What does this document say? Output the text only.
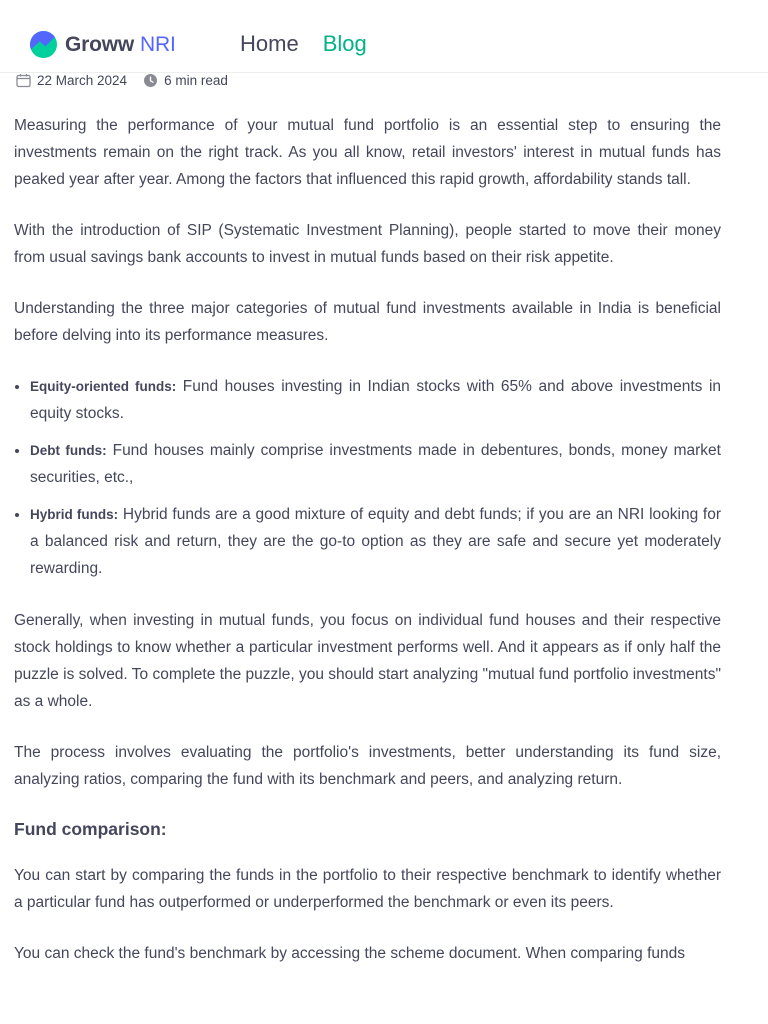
Groww NRI	Home Blog
22 March 2024	6 min read

Measuring the performance of your mutual fund portfolio is an essential step to ensuring the investments remain on the right track. As you all know, retail investors' interest in mutual funds has peaked year after year. Among the factors that influenced this rapid growth, affordability stands tall.

With the introduction of SIP (Systematic Investment Planning), people started to move their money from usual savings bank accounts to invest in mutual funds based on their risk appetite.

Understanding the three major categories of mutual fund investments available in India is beneficial before delving into its performance measures.

• Equity-oriented funds: Fund houses investing in Indian stocks with 65% and above investments in equity stocks.
• Debt funds: Fund houses mainly comprise investments made in debentures, bonds, money market securities, etc.,
• Hybrid funds: Hybrid funds are a good mixture of equity and debt funds; if you are an NRI looking for a balanced risk and return, they are the go-to option as they are safe and secure yet moderately rewarding.

Generally, when investing in mutual funds, you focus on individual fund houses and their respective stock holdings to know whether a particular investment performs well. And it appears as if only half the puzzle is solved. To complete the puzzle, you should start analyzing "mutual fund portfolio investments" as a whole.

The process involves evaluating the portfolio's investments, better understanding its fund size, analyzing ratios, comparing the fund with its benchmark and peers, and analyzing return.

Fund comparison:

You can start by comparing the funds in the portfolio to their respective benchmark to identify whether a particular fund has outperformed or underperformed the benchmark or even its peers.

You can check the fund's benchmark by accessing the scheme document. When comparing funds
